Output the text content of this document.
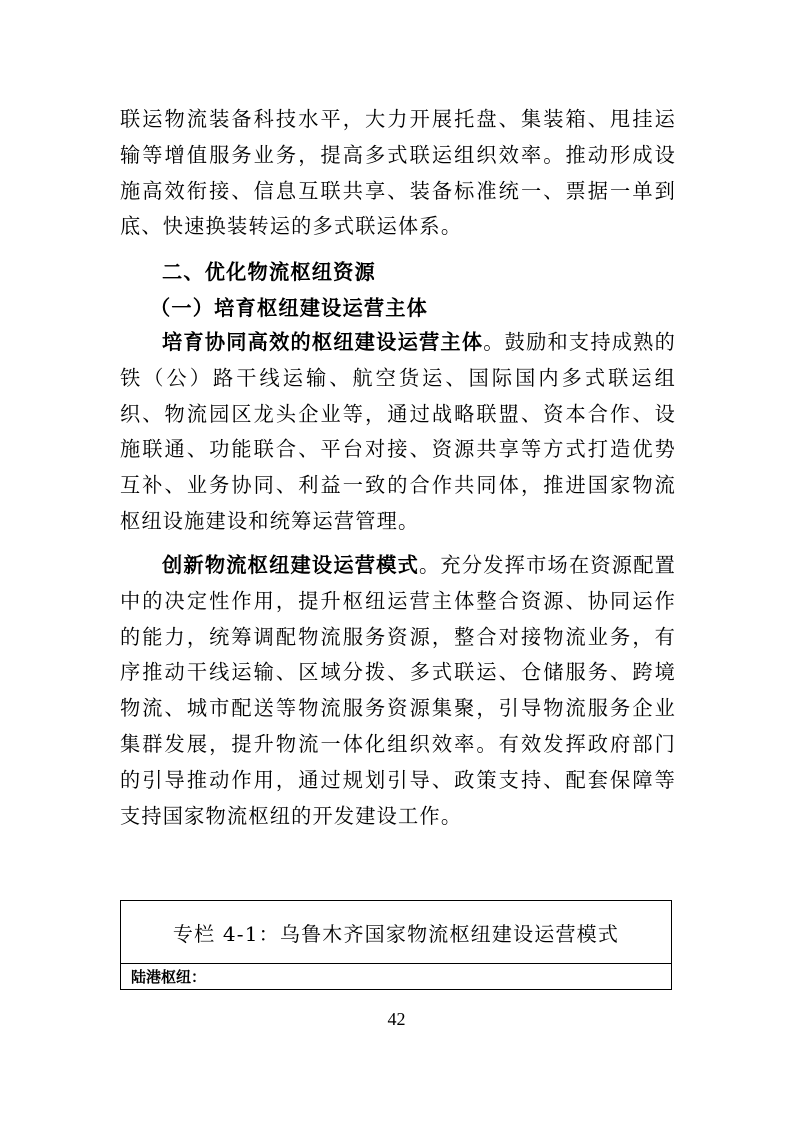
联运物流装备科技水平，大力开展托盘、集装箱、甩挂运输等增值服务业务，提高多式联运组织效率。推动形成设施高效衔接、信息互联共享、装备标准统一、票据一单到底、快速换装转运的多式联运体系。

二、优化物流枢纽资源
（一）培育枢纽建设运营主体

培育协同高效的枢纽建设运营主体。鼓励和支持成熟的铁（公）路干线运输、航空货运、国际国内多式联运组织、物流园区龙头企业等，通过战略联盟、资本合作、设施联通、功能联合、平台对接、资源共享等方式打造优势互补、业务协同、利益一致的合作共同体，推进国家物流枢纽设施建设和统筹运营管理。

创新物流枢纽建设运营模式。充分发挥市场在资源配置中的决定性作用，提升枢纽运营主体整合资源、协同运作的能力，统筹调配物流服务资源，整合对接物流业务，有序推动干线运输、区域分拨、多式联运、仓储服务、跨境物流、城市配送等物流服务资源集聚，引导物流服务企业集群发展，提升物流一体化组织效率。有效发挥政府部门的引导推动作用，通过规划引导、政策支持、配套保障等支持国家物流枢纽的开发建设工作。

专栏 4-1：乌鲁木齐国家物流枢纽建设运营模式
陆港枢纽：
42
